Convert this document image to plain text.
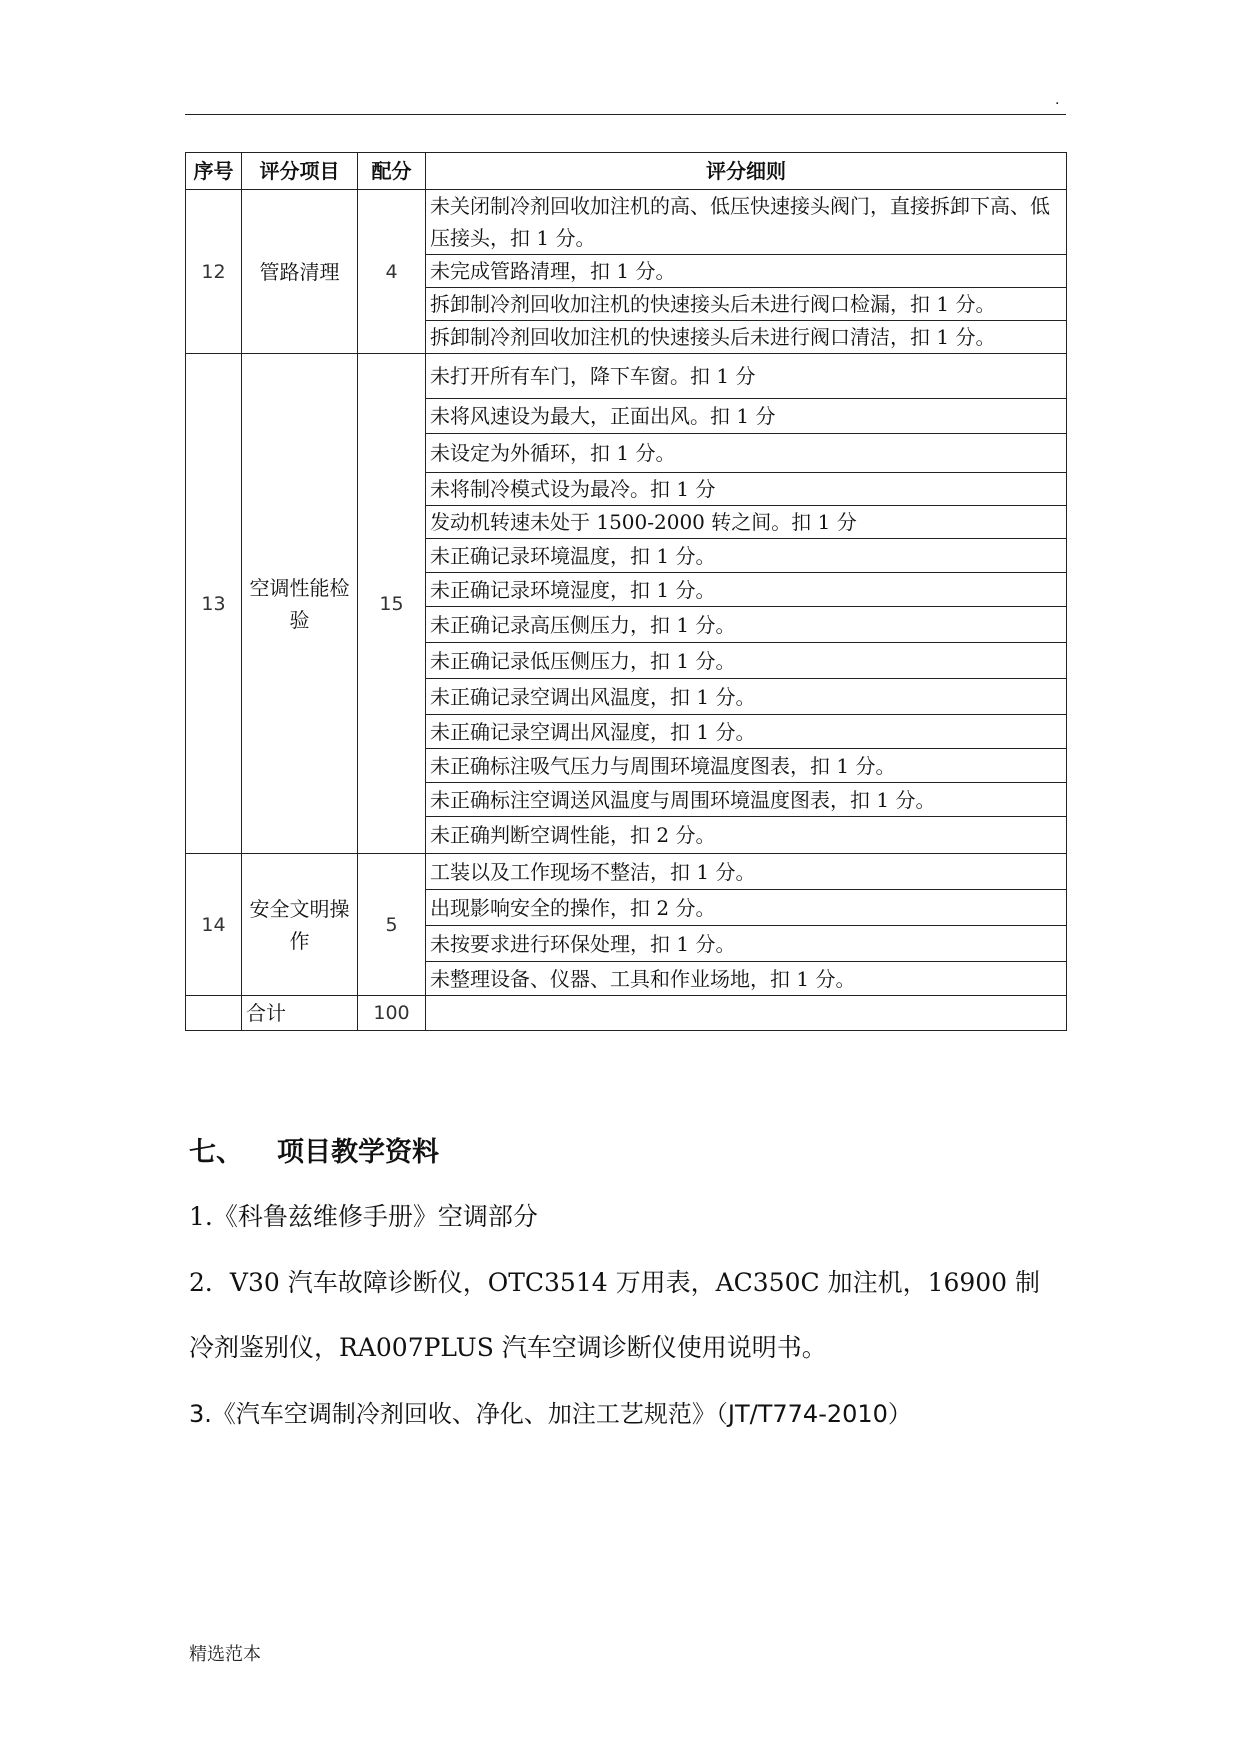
.
序号	评分项目	配分	评分细则
12	管路清理	4	未关闭制冷剂回收加注机的高、低压快速接头阀门，直接拆卸下高、低压接头，扣 1 分。
			未完成管路清理，扣 1 分。
			拆卸制冷剂回收加注机的快速接头后未进行阀口检漏，扣 1 分。
			拆卸制冷剂回收加注机的快速接头后未进行阀口清洁，扣 1 分。
13	空调性能检验	15	未打开所有车门，降下车窗。扣 1 分
			未将风速设为最大，正面出风。扣 1 分
			未设定为外循环，扣 1 分。
			未将制冷模式设为最冷。扣 1 分
			发动机转速未处于 1500-2000 转之间。扣 1 分
			未正确记录环境温度，扣 1 分。
			未正确记录环境湿度，扣 1 分。
			未正确记录高压侧压力，扣 1 分。
			未正确记录低压侧压力，扣 1 分。
			未正确记录空调出风温度，扣 1 分。
			未正确记录空调出风湿度，扣 1 分。
			未正确标注吸气压力与周围环境温度图表，扣 1 分。
			未正确标注空调送风温度与周围环境温度图表，扣 1 分。
			未正确判断空调性能，扣 2 分。
14	安全文明操作	5	工装以及工作现场不整洁，扣 1 分。
			出现影响安全的操作，扣 2 分。
			未按要求进行环保处理，扣 1 分。
			未整理设备、仪器、工具和作业场地，扣 1 分。
	合计	100	
七、 项目教学资料
1.《科鲁兹维修手册》空调部分
2．V30 汽车故障诊断仪，OTC3514 万用表，AC350C 加注机，16900 制
冷剂鉴别仪，RA007PLUS 汽车空调诊断仪使用说明书。
3.《汽车空调制冷剂回收、净化、加注工艺规范》（JT/T774-2010）
精选范本
